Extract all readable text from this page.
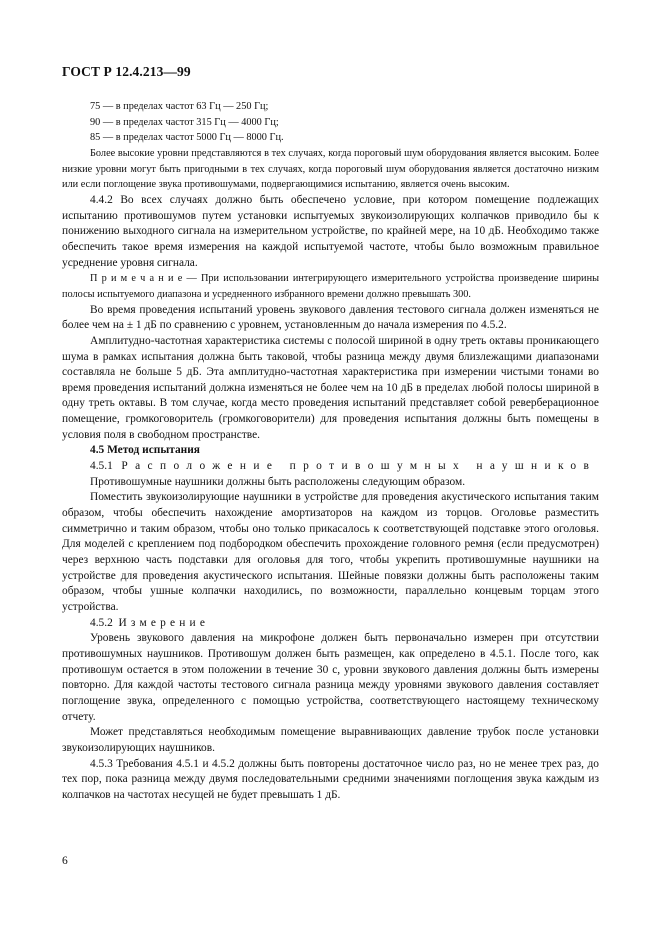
ГОСТ Р 12.4.213—99

75 — в пределах частот 63 Гц — 250 Гц;

90 — в пределах частот 315 Гц — 4000 Гц;

85 — в пределах частот 5000 Гц — 8000 Гц.

Более высокие уровни представляются в тех случаях, когда пороговый шум оборудования является высоким. Более низкие уровни могут быть пригодными в тех случаях, когда пороговый шум оборудования является достаточно низким или если поглощение звука противошумами, подвергающимися испытанию, является очень высоким.

4.4.2 Во всех случаях должно быть обеспечено условие, при котором помещение подлежащих испытанию противошумов путем установки испытуемых звукоизолирующих колпачков приводило бы к понижению выходного сигнала на измерительном устройстве, по крайней мере, на 10 дБ. Необходимо также обеспечить такое время измерения на каждой испытуемой частоте, чтобы было возможным правильное усреднение уровня сигнала.

П р и м е ч а н и е — При использовании интегрирующего измерительного устройства произведение ширины полосы испытуемого диапазона и усредненного избранного времени должно превышать 300.

Во время проведения испытаний уровень звукового давления тестового сигнала должен изменяться не более чем на ± 1 дБ по сравнению с уровнем, установленным до начала измерения по 4.5.2.

Амплитудно-частотная характеристика системы с полосой шириной в одну треть октавы проникающего шума в рамках испытания должна быть таковой, чтобы разница между двумя близлежащими диапазонами составляла не больше 5 дБ. Эта амплитудно-частотная характеристика при измерении чистыми тонами во время проведения испытаний должна изменяться не более чем на 10 дБ в пределах любой полосы шириной в одну треть октавы. В том случае, когда место проведения испытаний представляет собой реверберационное помещение, громкоговоритель (громкоговорители) для проведения испытания должны быть помещены в условия поля в свободном пространстве.

4.5 Метод испытания

4.5.1 Расположение противошумных наушников

Противошумные наушники должны быть расположены следующим образом.

Поместить звукоизолирующие наушники в устройстве для проведения акустического испытания таким образом, чтобы обеспечить нахождение амортизаторов на каждом из торцов. Оголовье разместить симметрично и таким образом, чтобы оно только прикасалось к соответствующей подставке этого оголовья. Для моделей с креплением под подбородком обеспечить прохождение головного ремня (если предусмотрен) через верхнюю часть подставки для оголовья для того, чтобы укрепить противошумные наушники на устройстве для проведения акустического испытания. Шейные повязки должны быть расположены таким образом, чтобы ушные колпачки находились, по возможности, параллельно концевым торцам этого устройства.

4.5.2 Измерение

Уровень звукового давления на микрофоне должен быть первоначально измерен при отсутствии противошумных наушников. Противошум должен быть размещен, как определено в 4.5.1. После того, как противошум остается в этом положении в течение 30 с, уровни звукового давления должны быть измерены повторно. Для каждой частоты тестового сигнала разница между уровнями звукового давления составляет поглощение звука, определенного с помощью устройства, соответствующего настоящему техническому отчету.

Может представляться необходимым помещение выравнивающих давление трубок после установки звукоизолирующих наушников.

4.5.3 Требования 4.5.1 и 4.5.2 должны быть повторены достаточное число раз, но не менее трех раз, до тех пор, пока разница между двумя последовательными средними значениями поглощения звука каждым из колпачков на частотах несущей не будет превышать 1 дБ.

6
